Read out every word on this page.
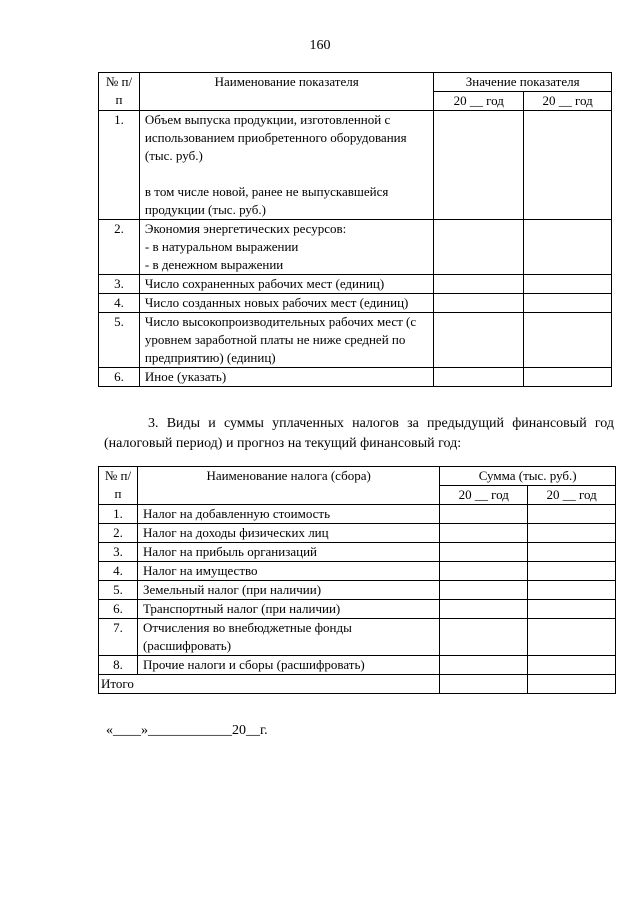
160
№ п/п	Наименование показателя	Значение показателя	
		20 __ год	20 __ год
1.	Объем выпуска продукции, изготовленной с использованием приобретенного оборудования (тыс. руб.)
в том числе новой, ранее не выпускавшейся продукции (тыс. руб.)		

2.	Экономия энергетических ресурсов:
- в натуральном выражении
- в денежном выражении		

3.	Число сохраненных рабочих мест (единиц)		
4.	Число созданных новых рабочих мест (единиц)		
5.	Число высокопроизводительных рабочих мест (с уровнем заработной платы не ниже средней по предприятию) (единиц)		
6.	Иное (указать)		
3. Виды и суммы уплаченных налогов за предыдущий финансовый год (налоговый период) и прогноз на текущий финансовый год:
№ п/п	Наименование налога (сбора)	Сумма (тыс. руб.)	
		20 __ год	20 __ год
1.	Налог на добавленную стоимость		
2.	Налог на доходы физических лиц		
3.	Налог на прибыль организаций		
4.	Налог на имущество		
5.	Земельный налог (при наличии)		
6.	Транспортный налог (при наличии)		
7.	Отчисления во внебюджетные фонды (расшифровать)		
8.	Прочие налоги и сборы (расшифровать)		
Итого			
«____»____________20__г.
